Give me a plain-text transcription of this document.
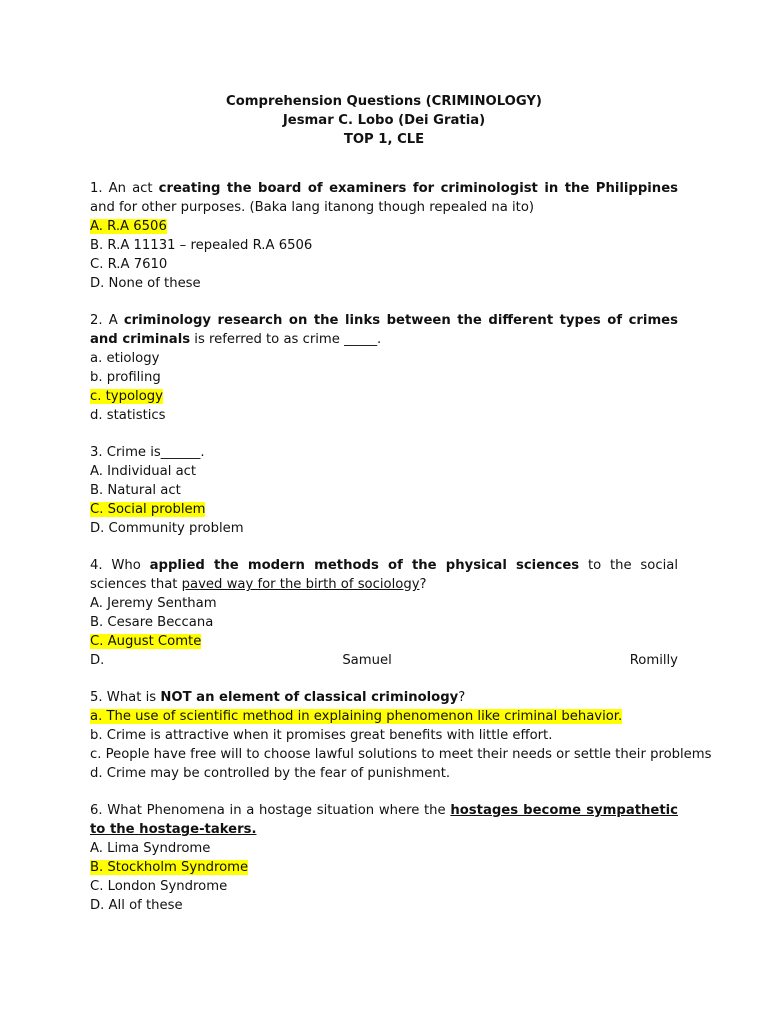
Comprehension Questions (CRIMINOLOGY)
Jesmar C. Lobo (Dei Gratia)
TOP 1, CLE
1. An act creating the board of examiners for criminologist in the Philippines and for other purposes. (Baka lang itanong though repealed na ito)
A. R.A 6506
B. R.A 11131 – repealed R.A 6506
C. R.A 7610
D. None of these
2. A criminology research on the links between the different types of crimes and criminals is referred to as crime _____.
a. etiology
b. profiling
c. typology
d. statistics
3. Crime is______.
A. Individual act
B. Natural act
C. Social problem
D. Community problem
4. Who applied the modern methods of the physical sciences to the social sciences that paved way for the birth of sociology?
A. Jeremy Sentham
B. Cesare Beccana
C. August Comte
D.	Samuel	Romilly
5. What is NOT an element of classical criminology?
a. The use of scientific method in explaining phenomenon like criminal behavior.
b. Crime is attractive when it promises great benefits with little effort.
c. People have free will to choose lawful solutions to meet their needs or settle their problems
d. Crime may be controlled by the fear of punishment.
6. What Phenomena in a hostage situation where the hostages become sympathetic to the hostage-takers.
A. Lima Syndrome
B. Stockholm Syndrome
C. London Syndrome
D. All of these
